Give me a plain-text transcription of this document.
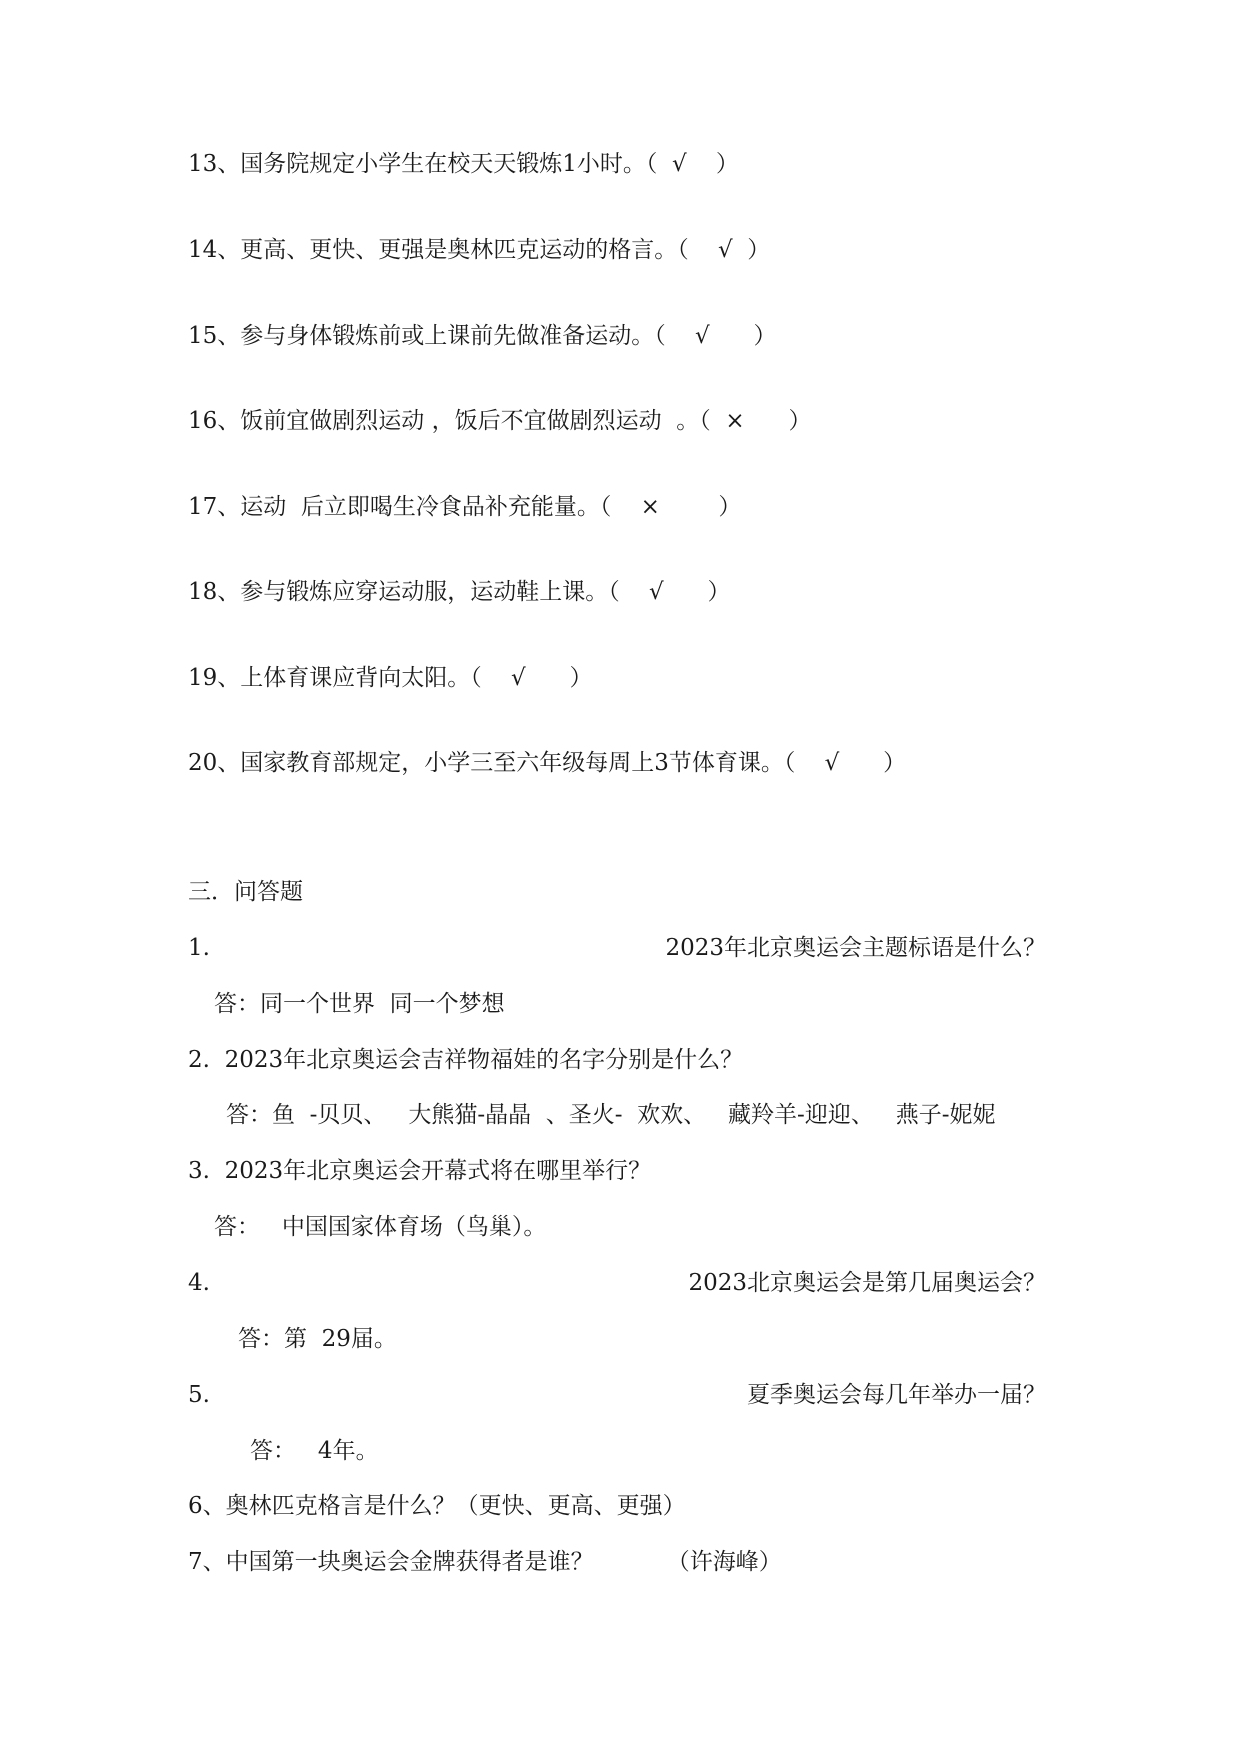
13、国务院规定小学生在校天天锻炼1小时。（  √    ）
14、更高、更快、更强是奥林匹克运动的格言。（    √  ）
15、参与身体锻炼前或上课前先做准备运动。（    √      ）
16、饭前宜做剧烈运动 ，饭后不宜做剧烈运动  。（  ×      ）
17、运动  后立即喝生冷食品补充能量。（    ×        ）
18、参与锻炼应穿运动服，运动鞋上课。（    √      ）
19、上体育课应背向太阳。（    √      ）
20、国家教育部规定，小学三至六年级每周上3节体育课。（    √      ）
三．问答题
1.	2023年北京奥运会主题标语是什么？
答：同一个世界  同一个梦想
2.  2023年北京奥运会吉祥物福娃的名字分别是什么？
答：鱼  -贝贝、   大熊猫-晶晶  、圣火-  欢欢、   藏羚羊-迎迎、   燕子-妮妮
3.  2023年北京奥运会开幕式将在哪里举行？
答：   中国国家体育场（鸟巢）。
4.	2023北京奥运会是第几届奥运会？
答：第  29届。
5.	夏季奥运会每几年举办一届？
答：   4年。
6、奥林匹克格言是什么？（更快、更高、更强）
7、中国第一块奥运会金牌获得者是谁？          （许海峰）
